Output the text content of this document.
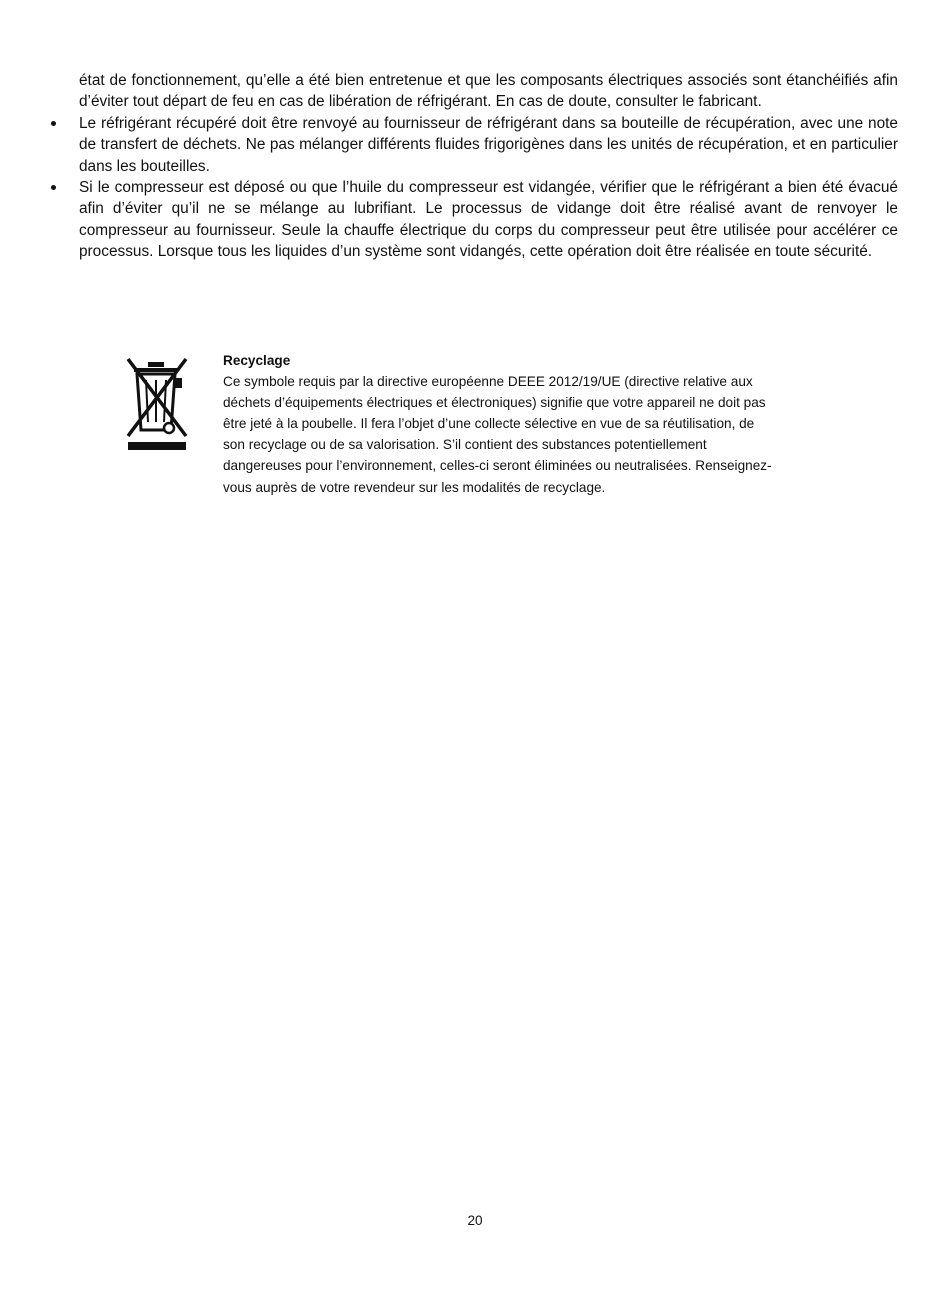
état de fonctionnement, qu’elle a été bien entretenue et que les composants électriques associés sont étanchéifiés afin d’éviter tout départ de feu en cas de libération de réfrigérant. En cas de doute, consulter le fabricant.

Le réfrigérant récupéré doit être renvoyé au fournisseur de réfrigérant dans sa bouteille de récupération, avec une note de transfert de déchets. Ne pas mélanger différents fluides frigorigènes dans les unités de récupération, et en particulier dans les bouteilles.
Si le compresseur est déposé ou que l’huile du compresseur est vidangée, vérifier que le réfrigérant a bien été évacué afin d’éviter qu’il ne se mélange au lubrifiant. Le processus de vidange doit être réalisé avant de renvoyer le compresseur au fournisseur. Seule la chauffe électrique du corps du compresseur peut être utilisée pour accélérer ce processus. Lorsque tous les liquides d’un système sont vidangés, cette opération doit être réalisée en toute sécurité.

Recyclage

Ce symbole requis par la directive européenne DEEE 2012/19/UE (directive relative aux déchets d’équipements électriques et électroniques) signifie que votre appareil ne doit pas être jeté à la poubelle. Il fera l’objet d’une collecte sélective en vue de sa réutilisation, de son recyclage ou de sa valorisation. S’il contient des substances potentiellement dangereuses pour l’environnement, celles-ci seront éliminées ou neutralisées. Renseignez-vous auprès de votre revendeur sur les modalités de recyclage.

20
